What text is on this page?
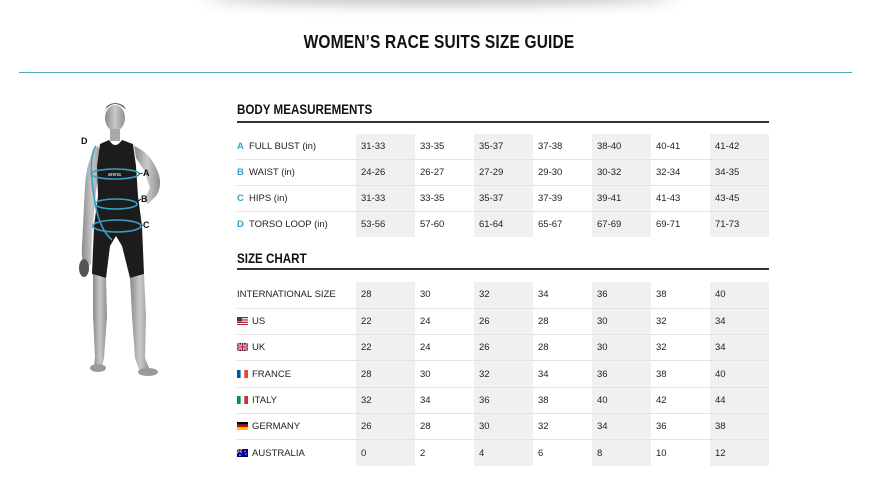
WOMEN’S RACE SUITS SIZE GUIDE
arena
D
A
B
C
BODY MEASUREMENTS
A FULL BUST (in)	31-33	33-35	35-37	37-38	38-40	40-41	41-42
B WAIST (in)	24-26	26-27	27-29	29-30	30-32	32-34	34-35
C HIPS (in)	31-33	33-35	35-37	37-39	39-41	41-43	43-45
D TORSO LOOP (in)	53-56	57-60	61-64	65-67	67-69	69-71	71-73
SIZE CHART
INTERNATIONAL SIZE	28	30	32	34	36	38	40
US	22	24	26	28	30	32	34
UK	22	24	26	28	30	32	34
FRANCE	28	30	32	34	36	38	40
ITALY	32	34	36	38	40	42	44
GERMANY	26	28	30	32	34	36	38
AUSTRALIA	0	2	4	6	8	10	12
